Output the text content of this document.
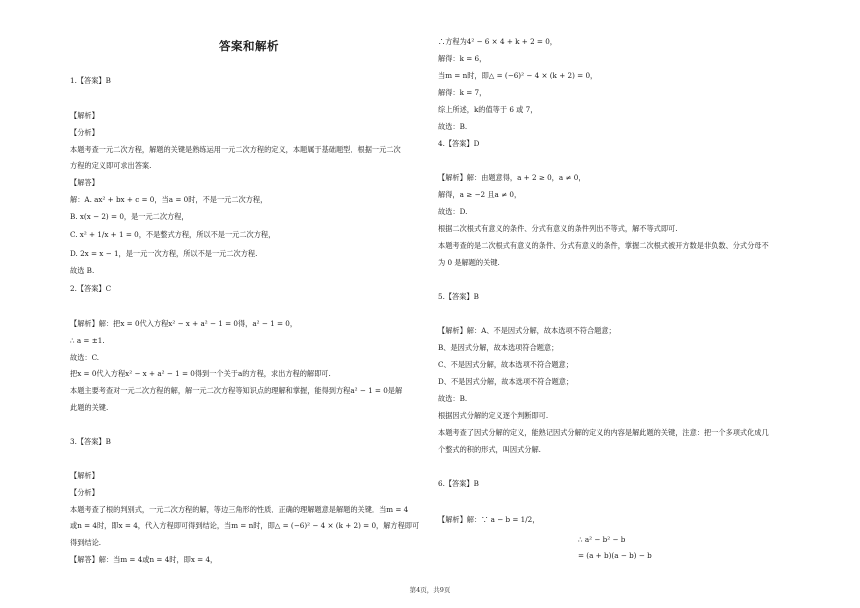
答案和解析
1.【答案】B
【解析】
【分析】
本题考查一元二次方程，解题的关键是熟练运用一元二次方程的定义，本题属于基础题型．根据一元二次
方程的定义即可求出答案.
【解答】
解：A. ax² + bx + c = 0，当a = 0时，不是一元二次方程，
B. x(x − 2) = 0，是一元二次方程，
C. x² + 1/x + 1 = 0，不是整式方程，所以不是一元二次方程，
D. 2x = x − 1，是一元一次方程，所以不是一元二次方程.
故选 B.
2.【答案】C
【解析】解：把x = 0代入方程x² − x + a² − 1 = 0得，a² − 1 = 0，
∴ a = ±1.
故选：C.
把x = 0代入方程x² − x + a² − 1 = 0得到一个关于a的方程，求出方程的解即可.
本题主要考查对一元二次方程的解，解一元二次方程等知识点的理解和掌握，能得到方程a² − 1 = 0是解
此题的关键.
3.【答案】B
【解析】
【分析】
本题考查了根的判别式，一元二次方程的解，等边三角形的性质．正确的理解题意是解题的关键．当m = 4
或n = 4时，即x = 4，代入方程即可得到结论，当m = n时，即△ = (−6)² − 4 × (k + 2) = 0，解方程即可
得到结论.
【解答】解：当m = 4或n = 4时，即x = 4，
∴方程为4² − 6 × 4 + k + 2 = 0，
解得：k = 6，
当m = n时，即△ = (−6)² − 4 × (k + 2) = 0，
解得：k = 7，
综上所述，k的值等于 6 或 7，
故选：B.
4.【答案】D
【解析】解：由题意得，a + 2 ≥ 0，a ≠ 0，
解得，a ≥ −2 且a ≠ 0，
故选：D.
根据二次根式有意义的条件、分式有意义的条件列出不等式，解不等式即可.
本题考查的是二次根式有意义的条件、分式有意义的条件，掌握二次根式被开方数是非负数、分式分母不
为 0 是解题的关键.
5.【答案】B
【解析】解：A、不是因式分解，故本选项不符合题意；
B、是因式分解，故本选项符合题意；
C、不是因式分解，故本选项不符合题意；
D、不是因式分解，故本选项不符合题意；
故选：B.
根据因式分解的定义逐个判断即可.
本题考查了因式分解的定义，能熟记因式分解的定义的内容是解此题的关键，注意：把一个多项式化成几
个整式的积的形式，叫因式分解.
6.【答案】B
【解析】解：∵ a − b = 1/2，
∴ a² − b² − b
= (a + b)(a − b) − b
第4页，共9页
